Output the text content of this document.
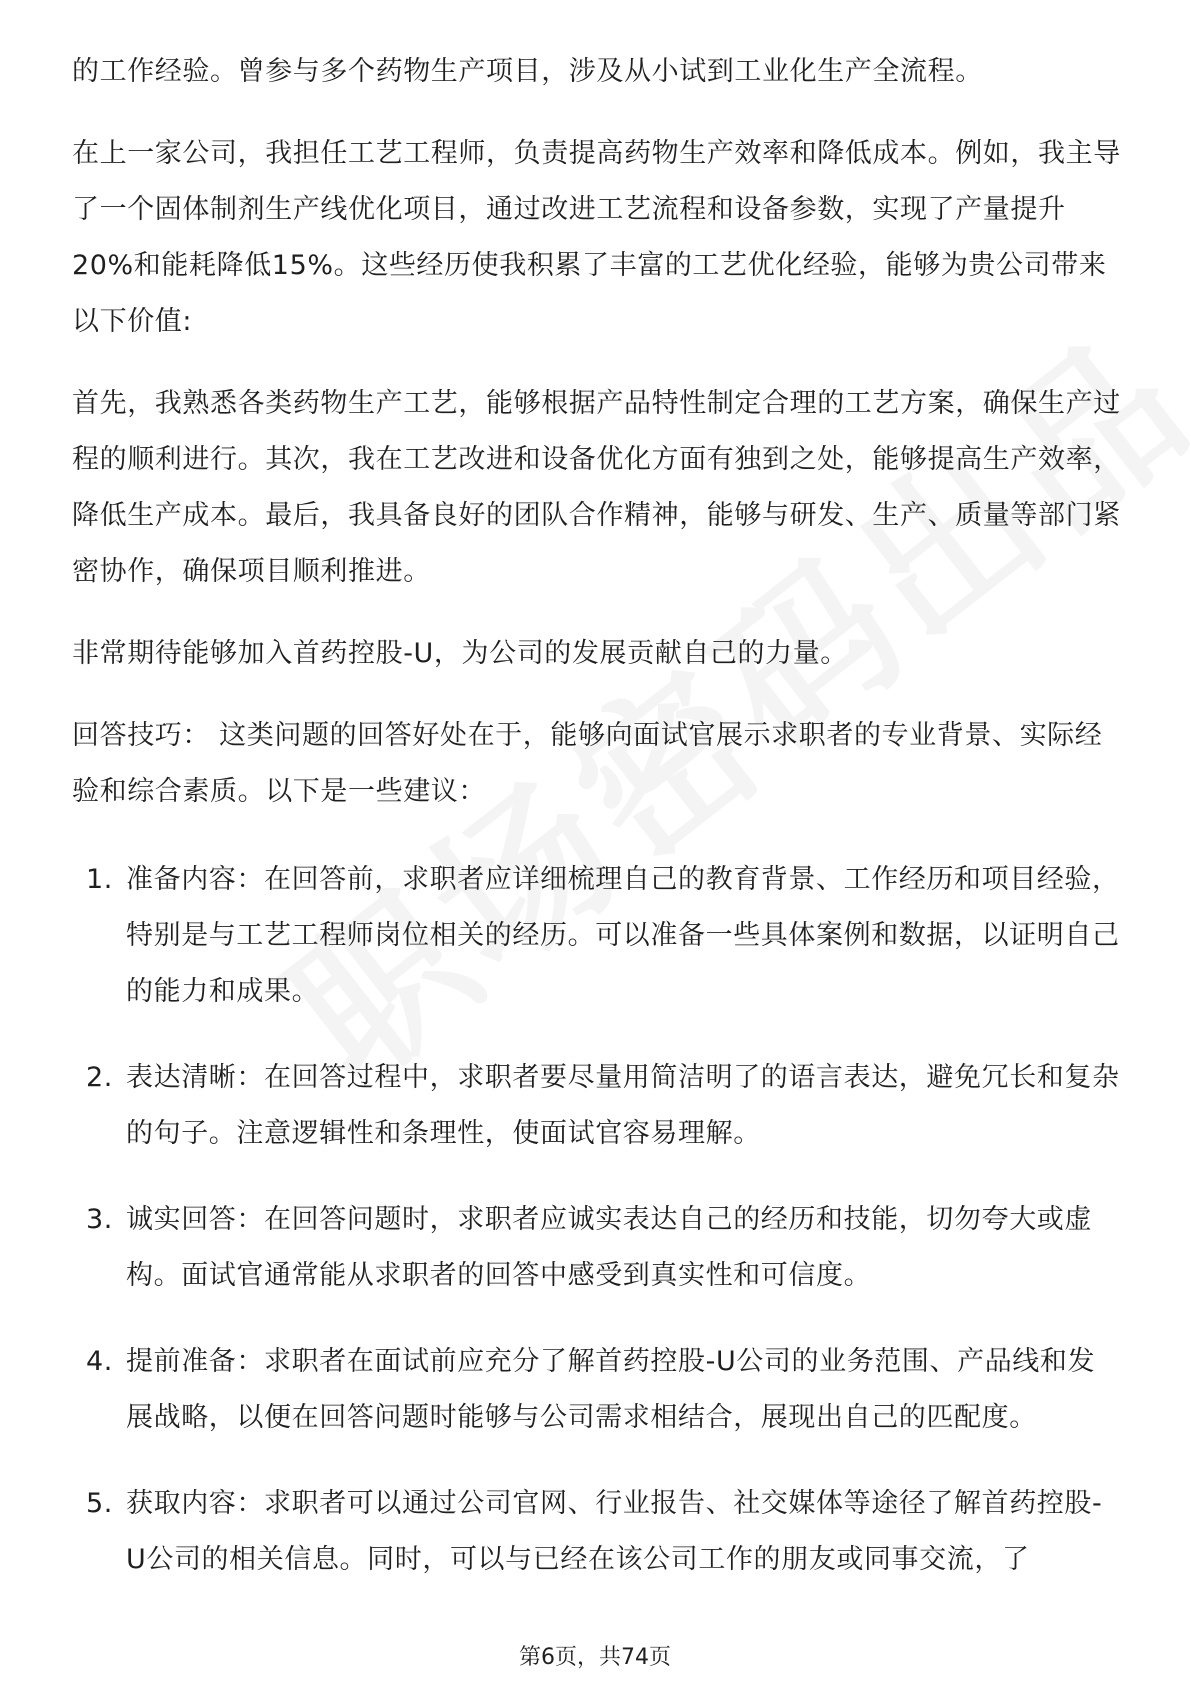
的工作经验。曾参与多个药物生产项目，涉及从小试到工业化生产全流程。

在上一家公司，我担任工艺工程师，负责提高药物生产效率和降低成本。例如，我主导了一个固体制剂生产线优化项目，通过改进工艺流程和设备参数，实现了产量提升20%和能耗降低15%。这些经历使我积累了丰富的工艺优化经验，能够为贵公司带来以下价值:

首先，我熟悉各类药物生产工艺，能够根据产品特性制定合理的工艺方案，确保生产过程的顺利进行。其次，我在工艺改进和设备优化方面有独到之处，能够提高生产效率，降低生产成本。最后，我具备良好的团队合作精神，能够与研发、生产、质量等部门紧密协作，确保项目顺利推进。

非常期待能够加入首药控股-U，为公司的发展贡献自己的力量。

回答技巧： 这类问题的回答好处在于，能够向面试官展示求职者的专业背景、实际经验和综合素质。以下是一些建议：

1. 准备内容：在回答前，求职者应详细梳理自己的教育背景、工作经历和项目经验，特别是与工艺工程师岗位相关的经历。可以准备一些具体案例和数据，以证明自己的能力和成果。
2. 表达清晰：在回答过程中，求职者要尽量用简洁明了的语言表达，避免冗长和复杂的句子。注意逻辑性和条理性，使面试官容易理解。
3. 诚实回答：在回答问题时，求职者应诚实表达自己的经历和技能，切勿夸大或虚构。面试官通常能从求职者的回答中感受到真实性和可信度。
4. 提前准备：求职者在面试前应充分了解首药控股-U公司的业务范围、产品线和发展战略，以便在回答问题时能够与公司需求相结合，展现出自己的匹配度。
5. 获取内容：求职者可以通过公司官网、行业报告、社交媒体等途径了解首药控股-U公司的相关信息。同时，可以与已经在该公司工作的朋友或同事交流，了
第6页，共74页
